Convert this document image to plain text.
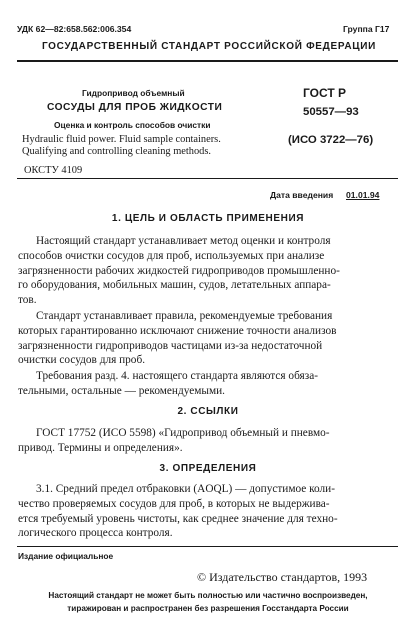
УДК 62—82:658.562:006.354	Группа Г17
ГОСУДАРСТВЕННЫЙ СТАНДАРТ РОССИЙСКОЙ ФЕДЕРАЦИИ
Гидропривод объемный
СОСУДЫ ДЛЯ ПРОБ ЖИДКОСТИ
Оценка и контроль способов очистки
Hydraulic fluid power. Fluid sample containers.
Qualifying and controlling cleaning methods.
ОКСТУ 4109
ГОСТ Р
50557—93
(ИСО 3722—76)
Дата введения 01.01.94
1. ЦЕЛЬ И ОБЛАСТЬ ПРИМЕНЕНИЯ
Настоящий стандарт устанавливает метод оценки и контроля
способов очистки сосудов для проб, используемых при анализе
загрязненности рабочих жидкостей гидроприводов промышленно-
го оборудования, мобильных машин, судов, летательных аппара-
тов.
Стандарт устанавливает правила, рекомендуемые требования
которых гарантированно исключают снижение точности анализов
загрязненности гидроприводов частицами из-за недостаточной
очистки сосудов для проб.
Требования разд. 4. настоящего стандарта являются обяза-
тельными, остальные — рекомендуемыми.
2. ССЫЛКИ
ГОСТ 17752 (ИСО 5598) «Гидропривод объемный и пневмо-
привод. Термины и определения».
3. ОПРЕДЕЛЕНИЯ
3.1. Средний предел отбраковки (AOQL) — допустимое коли-
чество проверяемых сосудов для проб, в которых не выдержива-
ется требуемый уровень чистоты, как среднее значение для техно-
логического процесса контроля.
Издание официальное
© Издательство стандартов, 1993
Настоящий стандарт не может быть полностью или частично воспроизведен,
тиражирован и распространен без разрешения Госстандарта России
